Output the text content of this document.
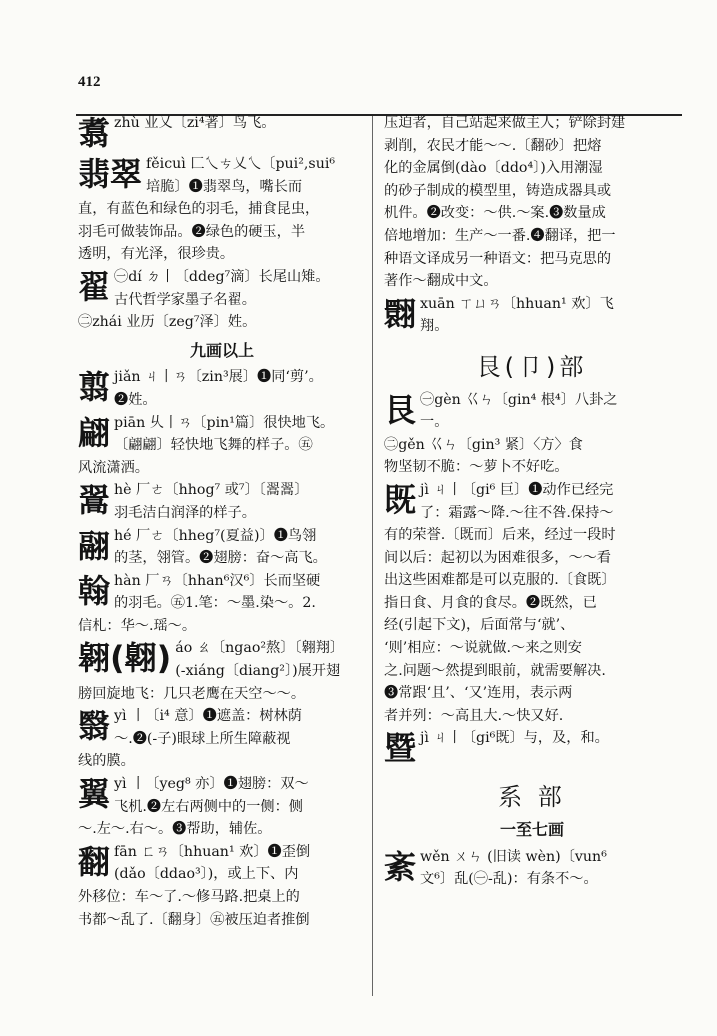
412
翥 zhù 业乂〔zi⁴著〕鸟飞。
翡翠 fěicuì 匚乀ㄘ乂乀〔pui²,sui⁶
培脆〕❶翡翠鸟，嘴长而
直，有蓝色和绿色的羽毛，捕食昆虫，
羽毛可做装饰品。❷绿色的硬玉，半
透明，有光泽，很珍贵。
翟 ㊀dí ㄉ丨〔ddeg⁷滴〕长尾山雉。
古代哲学家墨子名翟。
㊁zhái 业历〔zeg⁷泽〕姓。
九画以上
翦 jiǎn ㄐ丨ㄢ〔zin³展〕❶同‘剪’。
❷姓。
翩 piān 乆丨ㄢ〔pin¹篇〕很快地飞。
〔翩翩〕轻快地飞舞的样子。㊄
风流潇洒。
翯 hè 厂ㄜ〔hhog⁷ 或⁷〕〔翯翯〕
羽毛洁白润泽的样子。
翮 hé 厂ㄜ〔hheg⁷(夏益)〕❶鸟翎
的茎，翎管。❷翅膀：奋～高飞。
翰 hàn 厂ㄢ〔hhan⁶汉⁶〕长而坚硬
的羽毛。㊄1.笔：～墨.染～。2.
信札：华～.瑶～。
翱(翺) áo ㄠ〔ngao²熬〕〔翱翔〕
(-xiáng〔diang²〕)展开翅
膀回旋地飞：几只老鹰在天空～～。
翳 yì 丨〔i⁴ 意〕❶遮盖：树林荫
～.❷(-子)眼球上所生障蔽视
线的膜。
翼 yì 丨〔yeg⁸ 亦〕❶翅膀：双～
飞机.❷左右两侧中的一侧：侧
～.左～.右～。❸帮助，辅佐。
翻 fān ㄈㄢ〔hhuan¹ 欢〕❶歪倒
(dǎo〔ddao³〕)，或上下、内
外移位：车～了.～修马路.把桌上的
书都～乱了.〔翻身〕㊄被压迫者推倒
压迫者，自己站起来做主人；铲除封建
剥削，农民才能～～.〔翻砂〕把熔
化的金属倒(dào〔ddo⁴〕)入用潮湿
的砂子制成的模型里，铸造成器具或
机件。❷改变：～供.～案.❸数量成
倍地增加：生产～一番.❹翻译，把一
种语文译成另一种语文：把马克思的
著作～翻成中文。
翾 xuān ㄒㄩㄢ〔hhuan¹ 欢〕飞
翔。
艮(卩)部
艮 ㊀gèn 巜ㄣ〔gin⁴ 根⁴〕八卦之
一。
㊁gěn 巜ㄣ〔gin³ 紧〕〈方〉食
物坚韧不脆：～萝卜不好吃。
既 jì ㄐ丨〔gi⁶ 巨〕❶动作已经完
了：霜露～降.～往不咎.保持～
有的荣誉.〔既而〕后来，经过一段时
间以后：起初以为困难很多，～～看
出这些困难都是可以克服的.〔食既〕
指日食、月食的食尽。❷既然，已
经(引起下文)，后面常与‘就’、
‘则’相应：～说就做.～来之则安
之.问题～然提到眼前，就需要解决.
❸常跟‘且’、‘又’连用，表示两
者并列：～高且大.～快又好.
暨 jì ㄐ丨〔gi⁶既〕与，及，和。
系 部
一至七画
紊 wěn ㄨㄣ (旧读 wèn)〔vun⁶
文⁶〕乱(㊀-乱)：有条不～。
